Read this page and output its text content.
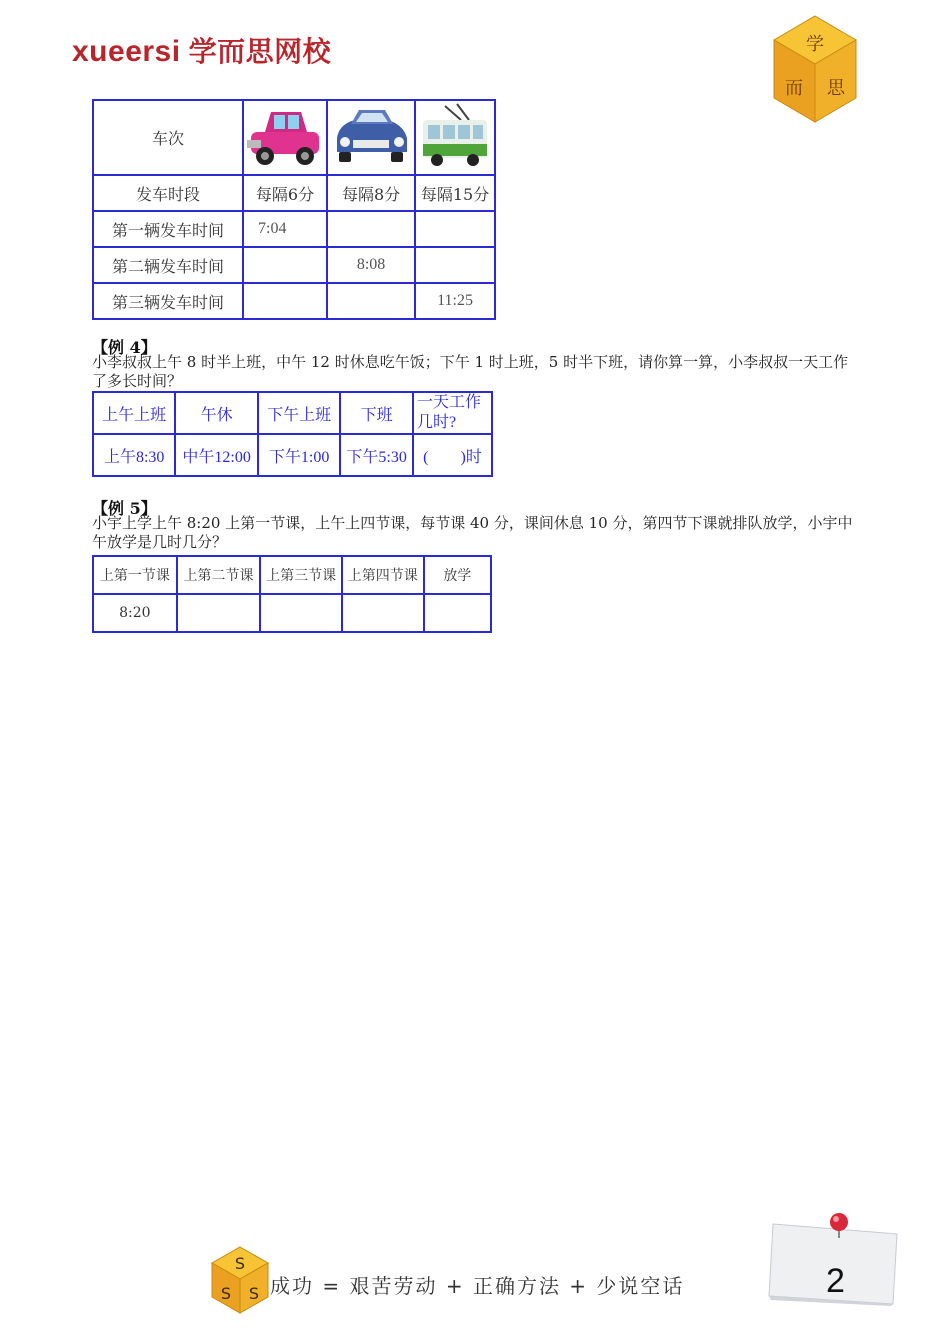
xueersi 学而思网校	学
而 思
车次			
发车时段	每隔6分	每隔8分	每隔15分
第一辆发车时间	7:04		
第二辆发车时间		8:08	
第三辆发车时间			11:25
【例 4】
小李叔叔上午 8 时半上班，中午 12 时休息吃午饭；下午 1 时上班，5 时半下班，请你算一算，小李叔叔一天工作了多长时间？
上午上班	午休	下午上班	下班	一天工作几时?
上午8:30	中午12:00	下午1:00	下午5:30	(　　)时
【例 5】
小宇上学上午 8:20 上第一节课，上午上四节课，每节课 40 分，课间休息 10 分，第四节下课就排队放学，小宇中午放学是几时几分？
上第一节课	上第二节课	上第三节课	上第四节课	放学
8:20				
S
S S 成功 = 艰苦劳动 + 正确方法 + 少说空话	2
